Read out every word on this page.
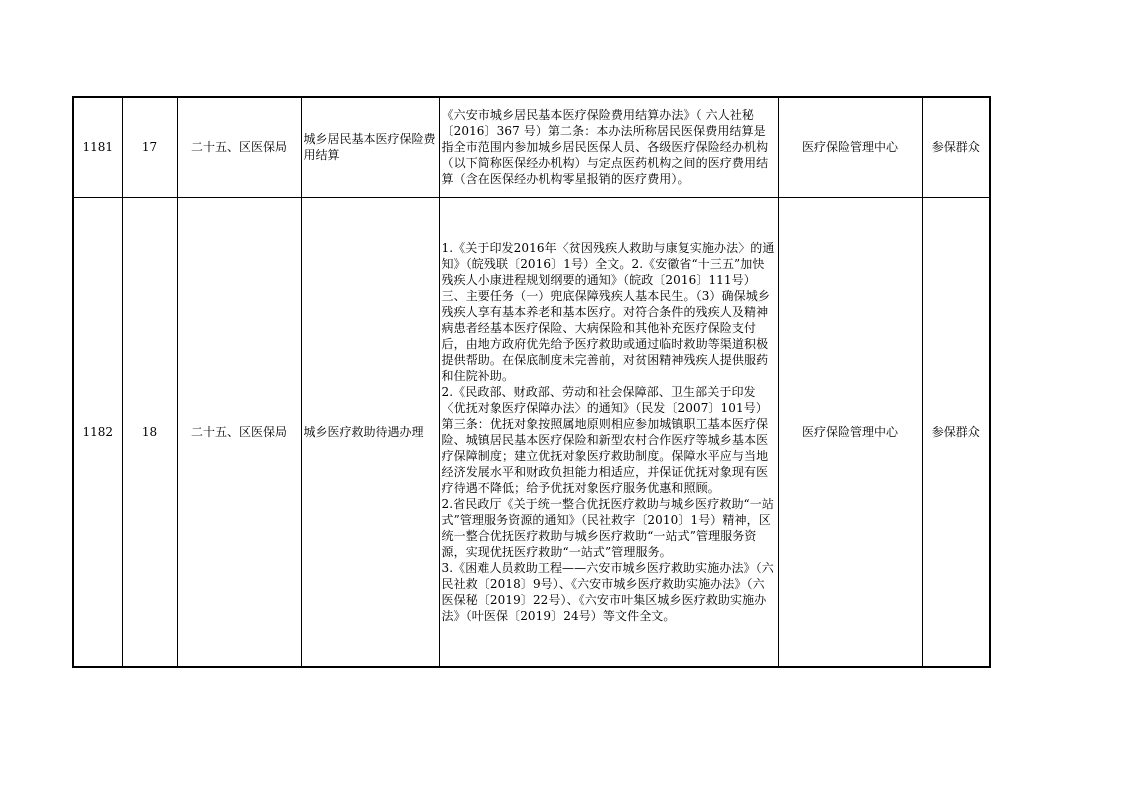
1181	17	二十五、区医保局	城乡居民基本医疗保险费用结算	《六安市城乡居民基本医疗保险费用结算办法》（ 六人社秘〔2016〕367 号）第二条：本办法所称居民医保费用结算是指全市范围内参加城乡居民医保人员、各级医疗保险经办机构（以下简称医保经办机构）与定点医药机构之间的医疗费用结算（含在医保经办机构零星报销的医疗费用）。	医疗保险管理中心	参保群众
1182	18	二十五、区医保局	城乡医疗救助待遇办理	1.《关于印发2016年〈贫因残疾人救助与康复实施办法〉的通知》（皖残联〔2016〕1号）全文。2.《安徽省“十三五”加快残疾人小康进程规划纲要的通知》（皖政〔2016〕111号）三、主要任务（一）兜底保障残疾人基本民生。（3）确保城乡残疾人享有基本养老和基本医疗。对符合条件的残疾人及精神病患者经基本医疗保险、大病保险和其他补充医疗保险支付后，由地方政府优先给予医疗救助或通过临时救助等渠道积极提供帮助。在保底制度未完善前，对贫困精神残疾人提供服药和住院补助。

2.《民政部、财政部、劳动和社会保障部、卫生部关于印发〈优抚对象医疗保障办法〉的通知》（民发〔2007〕101号）第三条：优抚对象按照属地原则相应参加城镇职工基本医疗保险、城镇居民基本医疗保险和新型农村合作医疗等城乡基本医疗保障制度；建立优抚对象医疗救助制度。保障水平应与当地经济发展水平和财政负担能力相适应，并保证优抚对象现有医疗待遇不降低；给予优抚对象医疗服务优惠和照顾。

2.省民政厅《关于统一整合优抚医疗救助与城乡医疗救助“一站式”管理服务资源的通知》（民社救字〔2010〕1号）精神，区统一整合优抚医疗救助与城乡医疗救助“一站式”管理服务资源，实现优抚医疗救助“一站式”管理服务。

3.《困难人员救助工程——六安市城乡医疗救助实施办法》（六民社救〔2018〕9号）、《六安市城乡医疗救助实施办法》（六医保秘〔2019〕22号）、《六安市叶集区城乡医疗救助实施办法》（叶医保〔2019〕24号）等文件全文。	医疗保险管理中心	参保群众
